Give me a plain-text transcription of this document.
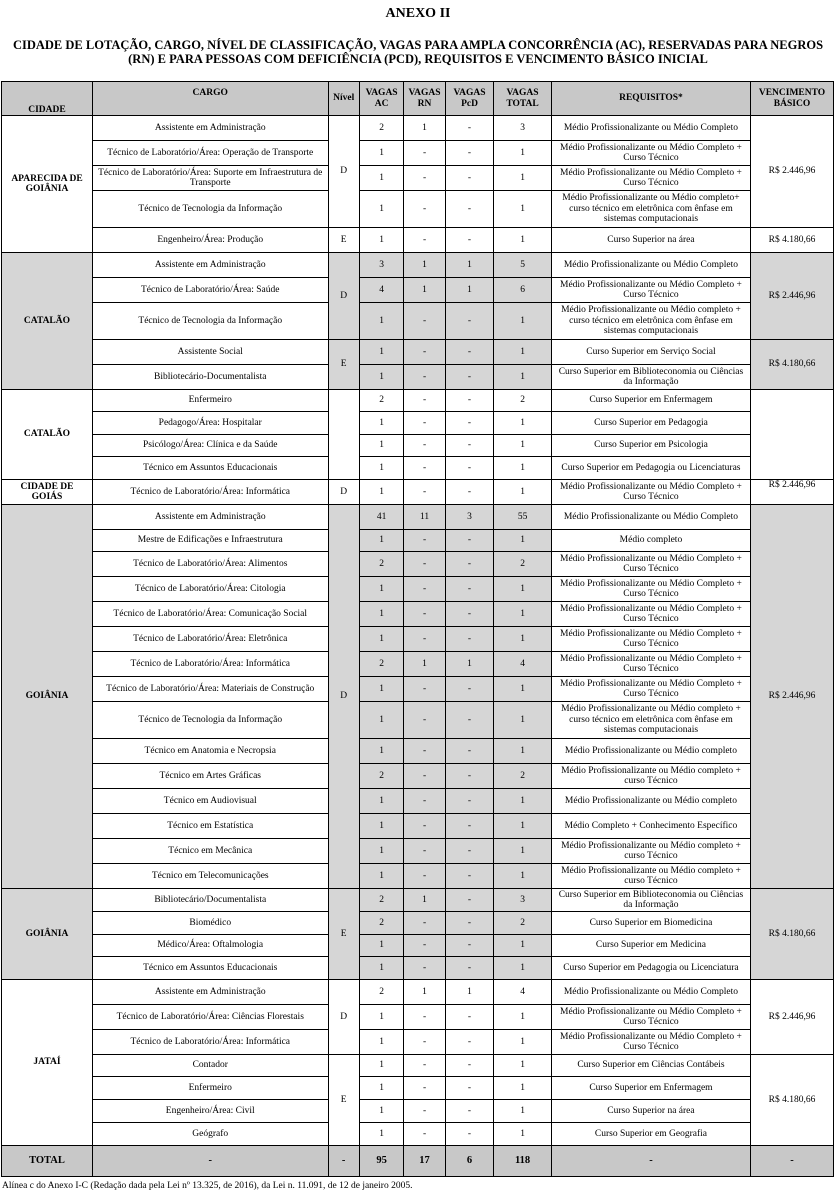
ANEXO II
CIDADE DE LOTAÇÃO, CARGO, NÍVEL DE CLASSIFICAÇÃO, VAGAS PARA AMPLA CONCORRÊNCIA (AC), RESERVADAS PARA NEGROS (RN) E PARA PESSOAS COM DEFICIÊNCIA (PCD), REQUISITOS E VENCIMENTO BÁSICO INICIAL
CIDADE	CARGO	Nível	VAGAS AC	VAGAS RN	VAGAS PcD	VAGAS TOTAL	REQUISITOS*	VENCIMENTO BÁSICO
APARECIDA DE GOIÂNIA	Assistente em Administração	D	2	1	-	3	Médio Profissionalizante ou Médio Completo	R$ 2.446,96
	Técnico de Laboratório/Área: Operação de Transporte		1	-	-	1	Médio Profissionalizante ou Médio Completo + Curso Técnico	
	Técnico de Laboratório/Área: Suporte em Infraestrutura de Transporte		1	-	-	1	Médio Profissionalizante ou Médio Completo + Curso Técnico	
	Técnico de Tecnologia da Informação		1	-	-	1	Médio Profissionalizante ou Médio completo+ curso técnico em eletrônica com ênfase em sistemas computacionais	
	Engenheiro/Área: Produção	E	1	-	-	1	Curso Superior na área	R$ 4.180,66
CATALÃO	Assistente em Administração	D	3	1	1	5	Médio Profissionalizante ou Médio Completo	R$ 2.446,96
	Técnico de Laboratório/Área: Saúde		4	1	1	6	Médio Profissionalizante ou Médio Completo + Curso Técnico	
	Técnico de Tecnologia da Informação		1	-	-	1	Médio Profissionalizante ou Médio completo + curso técnico em eletrônica com ênfase em sistemas computacionais	
	Assistente Social	E	1	-	-	1	Curso Superior em Serviço Social	R$ 4.180,66
	Bibliotecário-Documentalista		1	-	-	1	Curso Superior em Biblioteconomia ou Ciências da Informação	
CATALÃO	Enfermeiro		2	-	-	2	Curso Superior em Enfermagem	
	Pedagogo/Área: Hospitalar		1	-	-	1	Curso Superior em Pedagogia	
	Psicólogo/Área: Clínica e da Saúde		1	-	-	1	Curso Superior em Psicologia	
	Técnico em Assuntos Educacionais		1	-	-	1	Curso Superior em Pedagogia ou Licenciaturas	
CIDADE DE GOIÁS	Técnico de Laboratório/Área: Informática	D	1	-	-	1	Médio Profissionalizante ou Médio Completo + Curso Técnico	R$ 2.446,96
GOIÂNIA	Assistente em Administração	D	41	11	3	55	Médio Profissionalizante ou Médio Completo	R$ 2.446,96
	Mestre de Edificações e Infraestrutura		1	-	-	1	Médio completo	
	Técnico de Laboratório/Área: Alimentos		2	-	-	2	Médio Profissionalizante ou Médio Completo + Curso Técnico	
	Técnico de Laboratório/Área: Citologia		1	-	-	1	Médio Profissionalizante ou Médio Completo + Curso Técnico	
	Técnico de Laboratório/Área: Comunicação Social		1	-	-	1	Médio Profissionalizante ou Médio Completo + Curso Técnico	
	Técnico de Laboratório/Área: Eletrônica		1	-	-	1	Médio Profissionalizante ou Médio Completo + Curso Técnico	
	Técnico de Laboratório/Área: Informática		2	1	1	4	Médio Profissionalizante ou Médio Completo + Curso Técnico	
	Técnico de Laboratório/Área: Materiais de Construção		1	-	-	1	Médio Profissionalizante ou Médio Completo + Curso Técnico	
	Técnico de Tecnologia da Informação		1	-	-	1	Médio Profissionalizante ou Médio completo + curso técnico em eletrônica com ênfase em sistemas computacionais	
	Técnico em Anatomia e Necropsia		1	-	-	1	Médio Profissionalizante ou Médio completo	
	Técnico em Artes Gráficas		2	-	-	2	Médio Profissionalizante ou Médio completo + curso Técnico	
	Técnico em Audiovisual		1	-	-	1	Médio Profissionalizante ou Médio completo	
	Técnico em Estatística		1	-	-	1	Médio Completo + Conhecimento Específico	
	Técnico em Mecânica		1	-	-	1	Médio Profissionalizante ou Médio completo + curso Técnico	
	Técnico em Telecomunicações		1	-	-	1	Médio Profissionalizante ou Médio completo + curso Técnico	
GOIÂNIA	Bibliotecário/Documentalista	E	2	1	-	3	Curso Superior em Biblioteconomia ou Ciências da Informação	R$ 4.180,66
	Biomédico		2	-	-	2	Curso Superior em Biomedicina	
	Médico/Área: Oftalmologia		1	-	-	1	Curso Superior em Medicina	
	Técnico em Assuntos Educacionais		1	-	-	1	Curso Superior em Pedagogia ou Licenciatura	
JATAÍ	Assistente em Administração	D	2	1	1	4	Médio Profissionalizante ou Médio Completo	R$ 2.446,96
	Técnico de Laboratório/Área: Ciências Florestais		1	-	-	1	Médio Profissionalizante ou Médio Completo + Curso Técnico	
	Técnico de Laboratório/Área: Informática		1	-	-	1	Médio Profissionalizante ou Médio Completo + Curso Técnico	
	Contador	E	1	-	-	1	Curso Superior em Ciências Contábeis	R$ 4.180,66
	Enfermeiro		1	-	-	1	Curso Superior em Enfermagem	
	Engenheiro/Área: Civil		1	-	-	1	Curso Superior na área	
	Geógrafo		1	-	-	1	Curso Superior em Geografia	
TOTAL	-	-	95	17	6	118	-	-
Alínea c do Anexo I-C (Redação dada pela Lei nº 13.325, de 2016), da Lei n. 11.091, de 12 de janeiro 2005.
